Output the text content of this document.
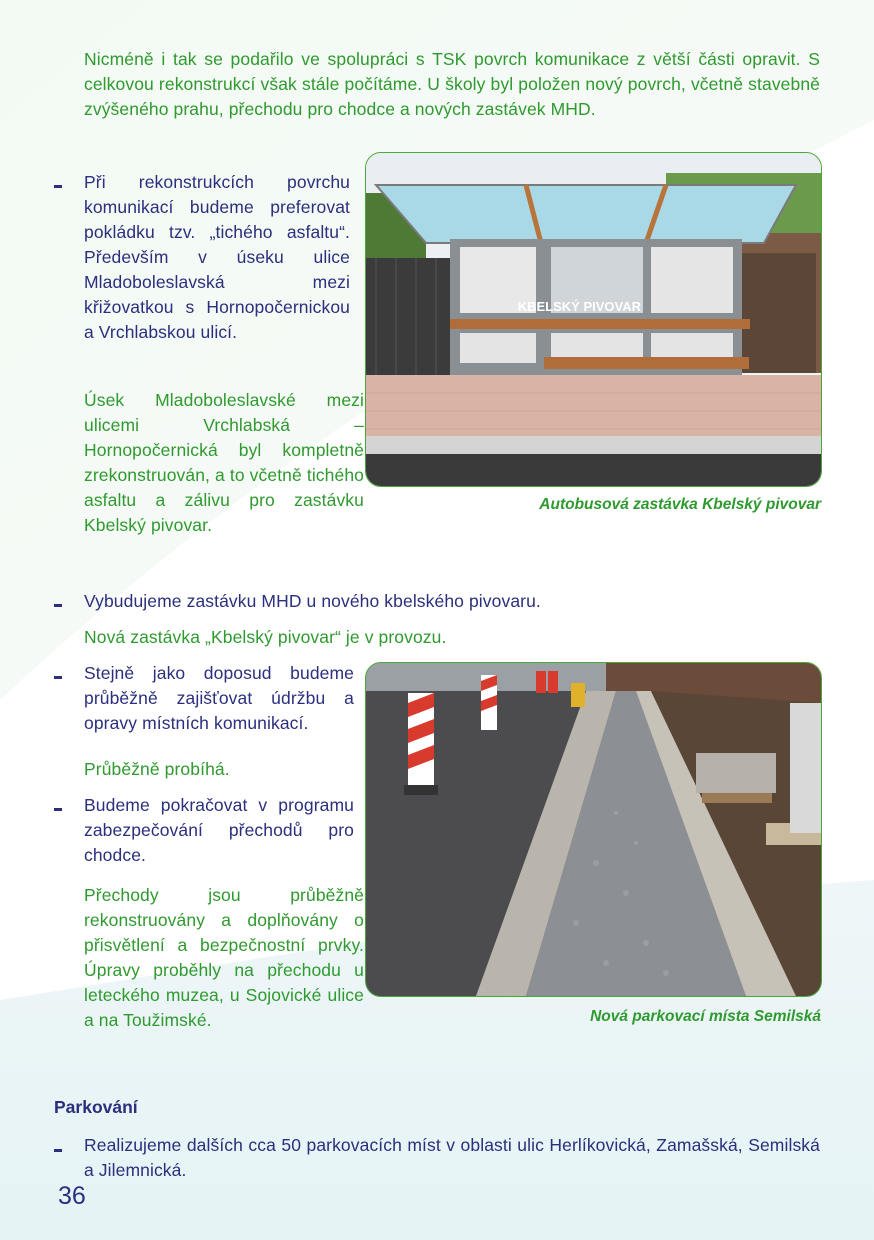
Nicméně i tak se podařilo ve spolupráci s TSK povrch komunikace z větší části opravit. S celkovou rekonstrukcí však stále počítáme. U školy byl položen nový povrch, včetně stavebně zvýšeného prahu, přechodu pro chodce a nových zastávek MHD.

Při rekonstrukcích povrchu komunikací budeme preferovat pokládku tzv. „tichého asfaltu“. Především v úseku ulice Mladoboleslavská mezi křižovatkou s Hornopočernickou a Vrchlabskou ulicí.

Úsek Mladoboleslavské mezi ulicemi Vrchlabská – Hornopočernická byl kompletně zrekonstruován, a to včetně tichého asfaltu a zálivu pro zastávku Kbelský pivovar.

KBELSKÝ PIVOVAR

Autobusová zastávka Kbelský pivovar

Vybudujeme zastávku MHD u nového kbelského pivovaru.

Nová zastávka „Kbelský pivovar“ je v provozu.

Stejně jako doposud budeme průběžně zajišťovat údržbu a opravy místních komunikací.

Průběžně probíhá.

Budeme pokračovat v programu zabezpečování přechodů pro chodce.

Přechody jsou průběžně rekonstruovány a doplňovány o přisvětlení a bezpečnostní prvky. Úpravy proběhly na přechodu u leteckého muzea, u Sojovické ulice a na Toužimské.	Nová parkovací místa Semilská

Parkování

Realizujeme dalších cca 50 parkovacích míst v oblasti ulic Herlíkovická, Zamašská, Semilská a Jilemnická.

36
